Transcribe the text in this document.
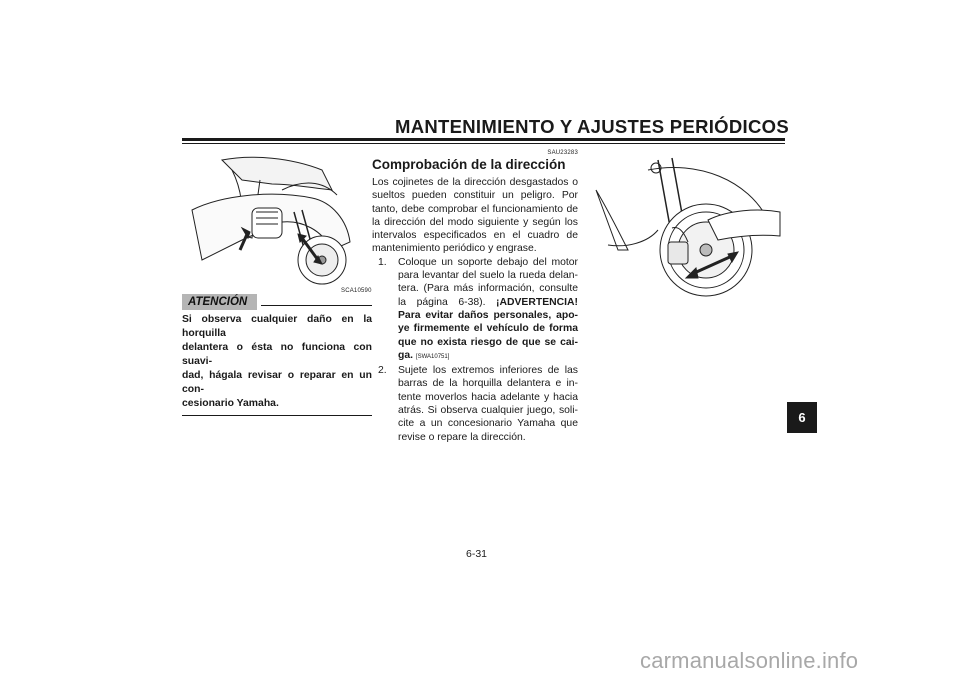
MANTENIMIENTO Y AJUSTES PERIÓDICOS
SCA10590
ATENCIÓN
Si observa cualquier daño en la horquilla
delantera o ésta no funciona con suavi-
dad, hágala revisar o reparar en un con-
cesionario Yamaha.
SAU23283
Comprobación de la dirección
Los cojinetes de la dirección desgastados o sueltos pueden constituir un peligro. Por tanto, debe comprobar el funcionamiento de la dirección del modo siguiente y según los intervalos especificados en el cuadro de mantenimiento periódico y engrase.
1.	Coloque un soporte debajo del motor para levantar del suelo la rueda delan-tera. (Para más información, consulte la página 6-38). ¡ADVERTENCIA! Para evitar daños personales, apo-ye firmemente el vehículo de forma que no exista riesgo de que se cai-ga. [SWA10751]
2.	Sujete los extremos inferiores de las barras de la horquilla delantera e in-tente moverlos hacia adelante y hacia atrás. Si observa cualquier juego, soli-cite a un concesionario Yamaha que revise o repare la dirección.
6
6-31
carmanualsonline.info
